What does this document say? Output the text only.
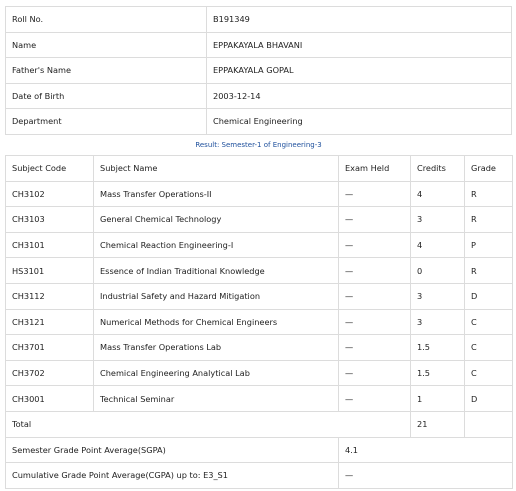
Roll No.	B191349
Name	EPPAKAYALA BHAVANI
Father's Name	EPPAKAYALA GOPAL
Date of Birth	2003-12-14
Department	Chemical Engineering
Result: Semester-1 of Engineering-3
Subject Code	Subject Name	Exam Held	Credits	Grade
CH3102	Mass Transfer Operations-II	—	4	R
CH3103	General Chemical Technology	—	3	R
CH3101	Chemical Reaction Engineering-I	—	4	P
HS3101	Essence of Indian Traditional Knowledge	—	0	R
CH3112	Industrial Safety and Hazard Mitigation	—	3	D
CH3121	Numerical Methods for Chemical Engineers	—	3	C
CH3701	Mass Transfer Operations Lab	—	1.5	C
CH3702	Chemical Engineering Analytical Lab	—	1.5	C
CH3001	Technical Seminar	—	1	D
Total			21	
Semester Grade Point Average(SGPA)		4.1		
Cumulative Grade Point Average(CGPA) up to: E3_S1		—		
